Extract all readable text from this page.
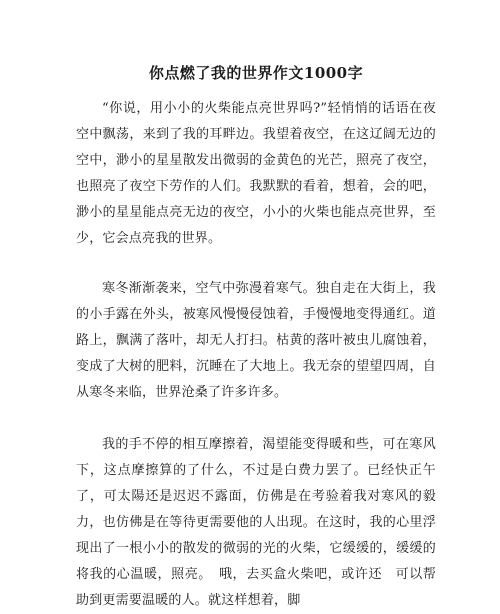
你点燃了我的世界作文1000字

“你说，用小小的火柴能点亮世界吗?”轻悄悄的话语在夜空中飘荡，来到了我的耳畔边。我望着夜空，在这辽阔无边的空中，渺小的星星散发出微弱的金黄色的光芒，照亮了夜空，也照亮了夜空下劳作的人们。我默默的看着，想着，会的吧，渺小的星星能点亮无边的夜空，小小的火柴也能点亮世界，至少，它会点亮我的世界。

寒冬渐渐袭来，空气中弥漫着寒气。独自走在大街上，我的小手露在外头，被寒风慢慢侵蚀着，手慢慢地变得通红。道路上，飘满了落叶，却无人打扫。枯黄的落叶被虫儿腐蚀着，变成了大树的肥料，沉睡在了大地上。我无奈的望望四周，自从寒冬来临，世界沧桑了许多许多。

我的手不停的相互摩擦着，渴望能变得暖和些，可在寒风下，这点摩擦算的了什么，不过是白费力罢了。已经快正午了，可太陽还是迟迟不露面，仿佛是在考验着我对寒风的毅力，也仿佛是在等待更需要他的人出现。在这时，我的心里浮现出了一根小小的散发的微弱的光的火柴，它缓缓的，缓缓的将我的心温暖，照亮。　哦，去买盒火柴吧，或许还　可以帮助到更需要温暖的人。就这样想着，脚
